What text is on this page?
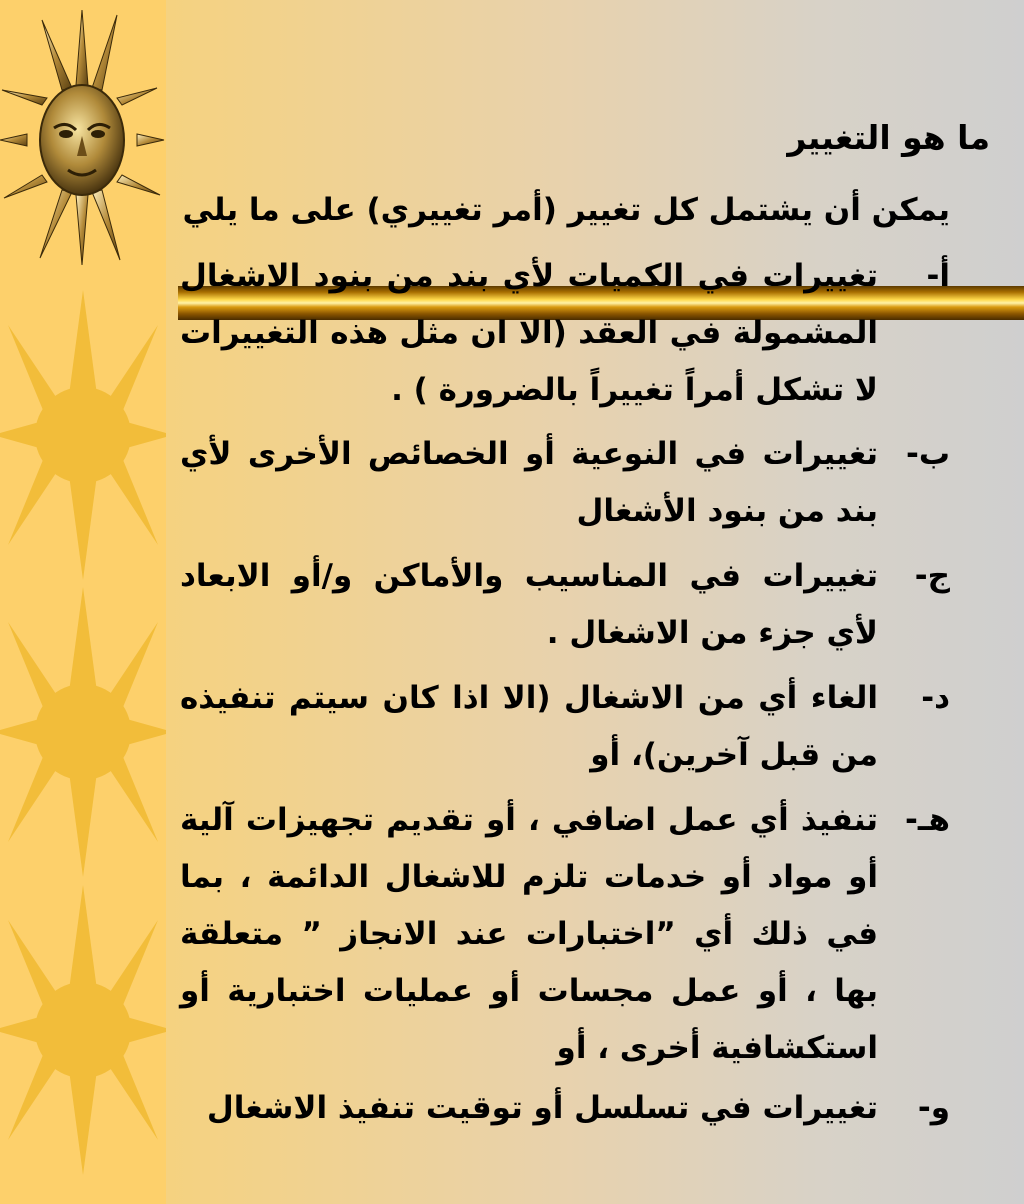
ما هو التغيير
يمكن أن يشتمل كل تغيير (أمر تغييري) على ما يلي
أ-
تغييرات في الكميات لأي بند من بنود الاشغال المشمولة في العقد (الا ان مثل هذه التغييرات لا تشكل أمراً تغييراً بالضرورة ) .
ب-
تغييرات في النوعية أو الخصائص الأخرى لأي بند من بنود الأشغال
ج-
تغييرات في المناسيب والأماكن و/أو الابعاد لأي جزء من الاشغال .
د-
الغاء أي من الاشغال (الا اذا كان سيتم تنفيذه من قبل آخرين)، أو
هـ-
تنفيذ أي عمل اضافي ، أو تقديم تجهيزات آلية أو مواد أو خدمات تلزم للاشغال الدائمة ، بما في ذلك أي ”اختبارات عند الانجاز ” متعلقة بها ، أو عمل مجسات أو عمليات اختبارية أو استكشافية أخرى ، أو
و-
تغييرات في تسلسل أو توقيت تنفيذ الاشغال
